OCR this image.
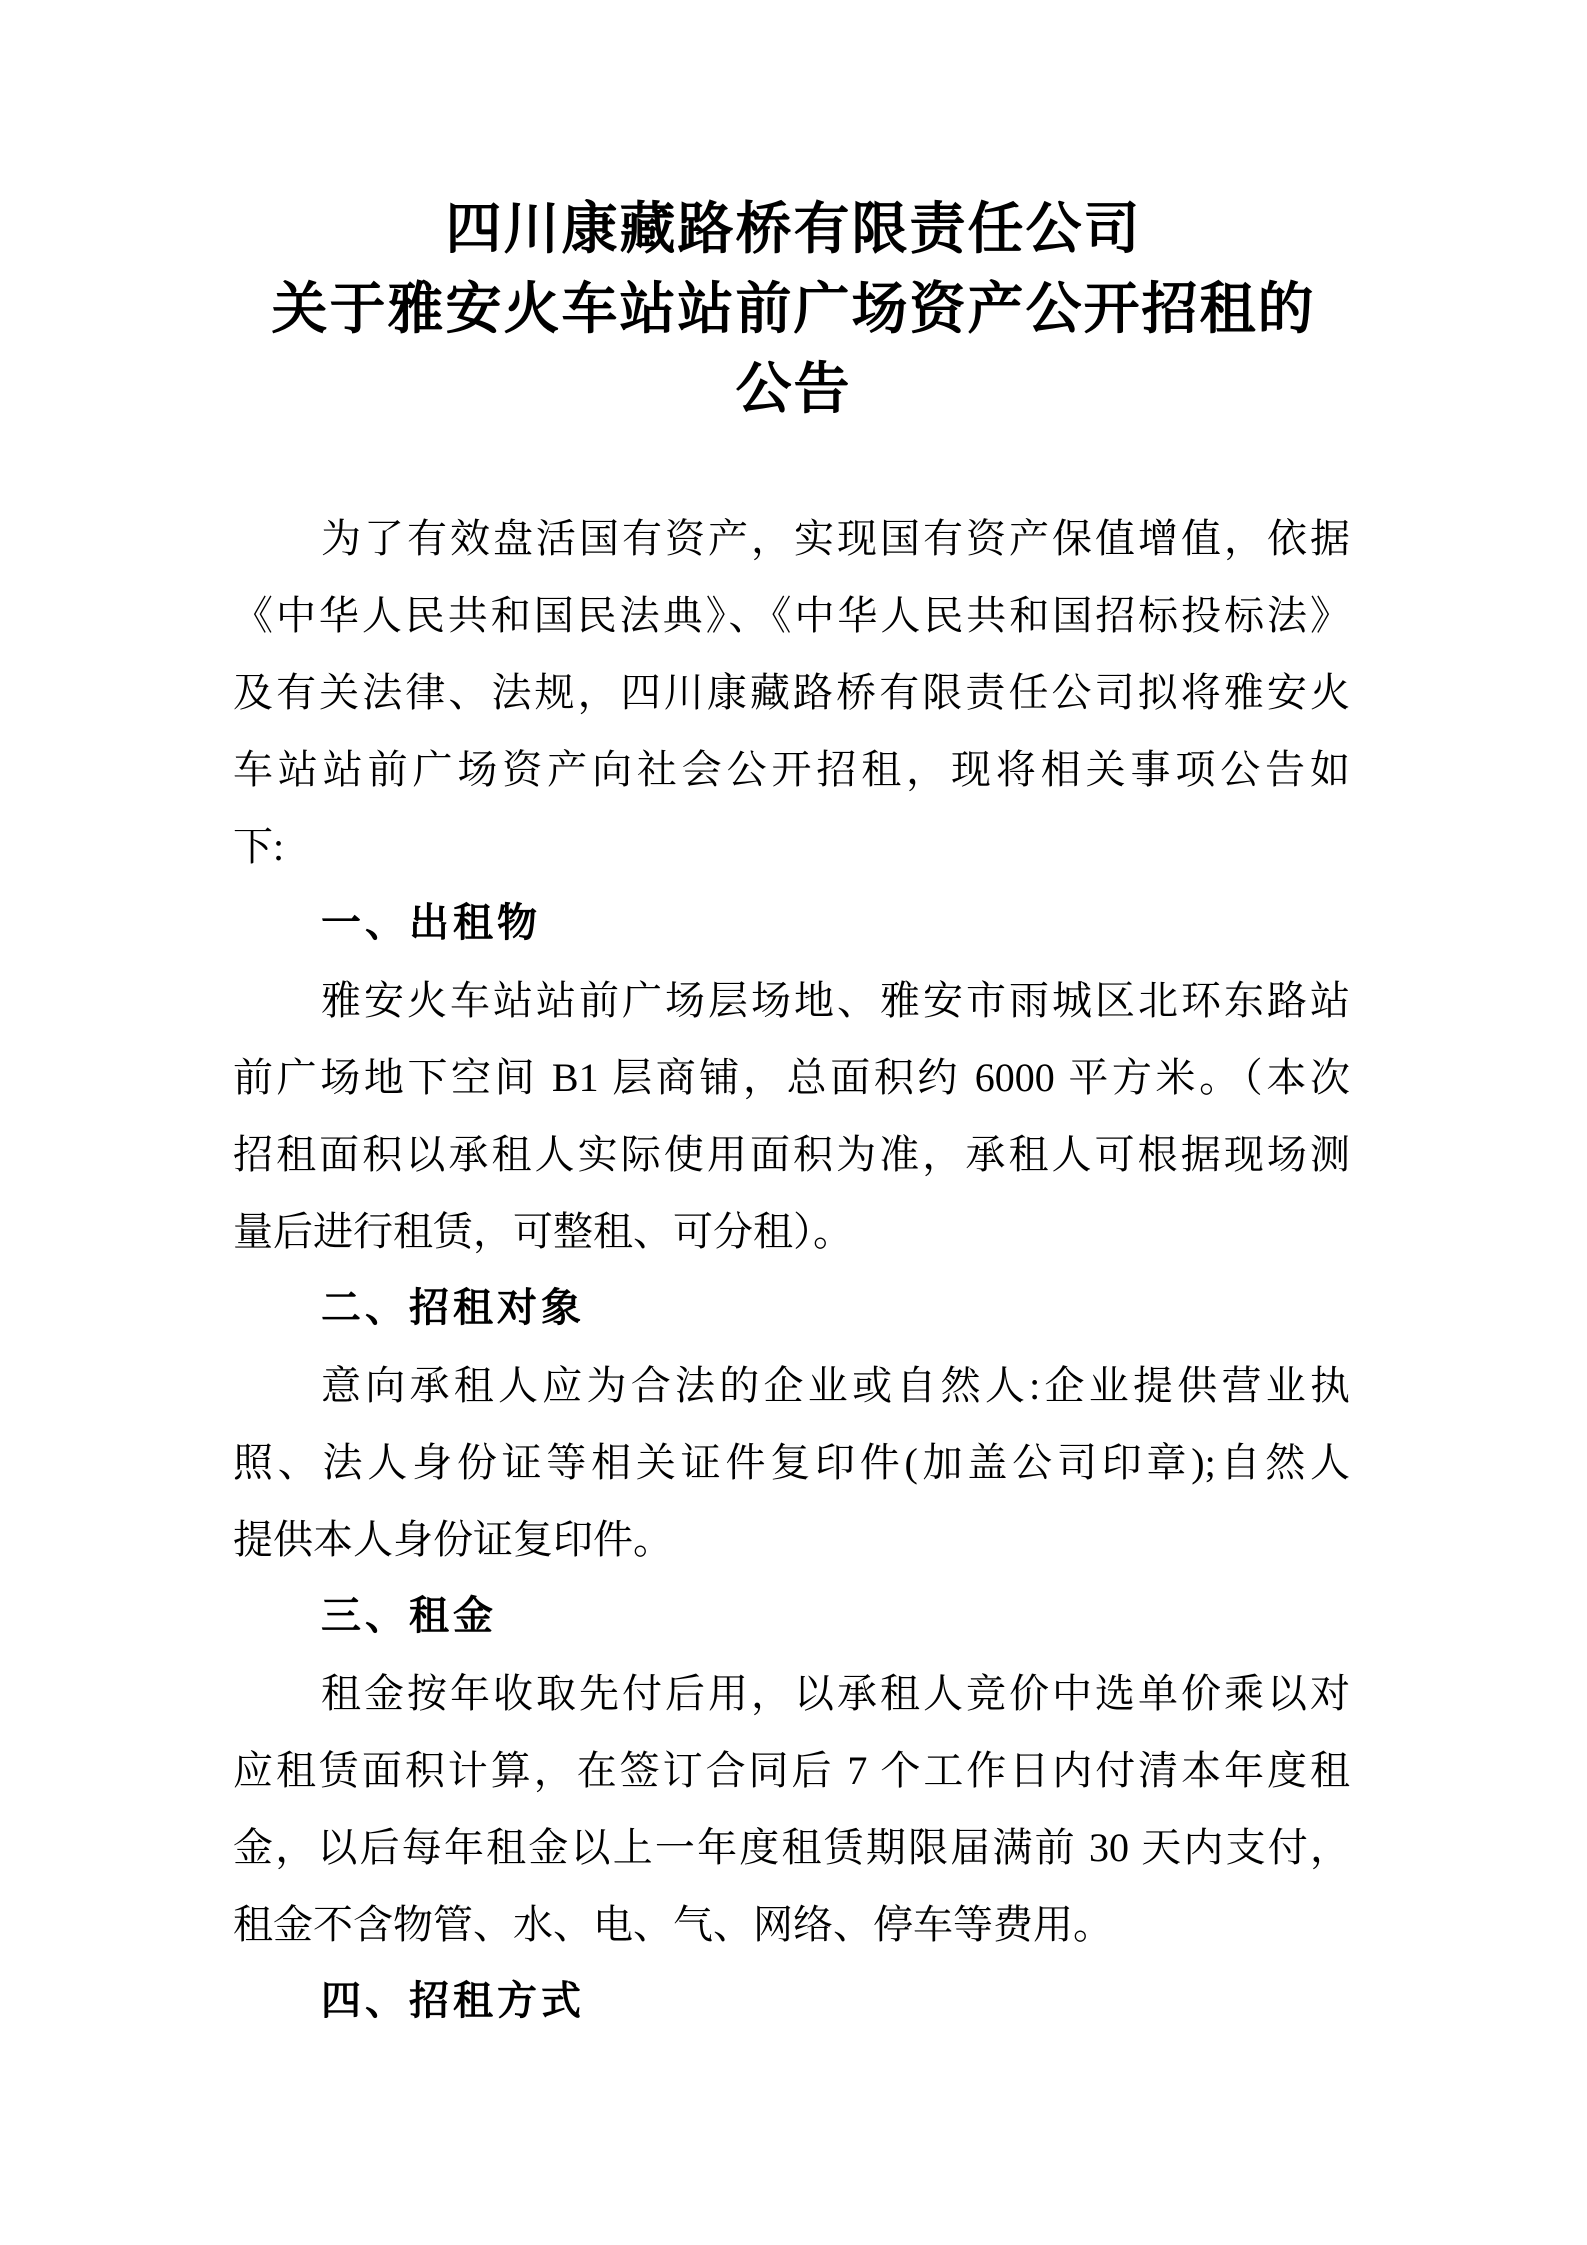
四川康藏路桥有限责任公司
关于雅安火车站站前广场资产公开招租的
公告
为了有效盘活国有资产，实现国有资产保值增值，依据
《中华人民共和国民法典》、《中华人民共和国招标投标法》
及有关法律、法规，四川康藏路桥有限责任公司拟将雅安火
车站站前广场资产向社会公开招租，现将相关事项公告如
下:
一、出租物
雅安火车站站前广场层场地、雅安市雨城区北环东路站
前广场地下空间 B1 层商铺，总面积约 6000 平方米。（本次
招租面积以承租人实际使用面积为准，承租人可根据现场测
量后进行租赁，可整租、可分租）。
二、招租对象
意向承租人应为合法的企业或自然人:企业提供营业执
照、法人身份证等相关证件复印件(加盖公司印章);自然人
提供本人身份证复印件。
三、租金
租金按年收取先付后用，以承租人竞价中选单价乘以对
应租赁面积计算，在签订合同后 7 个工作日内付清本年度租
金，以后每年租金以上一年度租赁期限届满前 30 天内支付，
租金不含物管、水、电、气、网络、停车等费用。
四、招租方式
